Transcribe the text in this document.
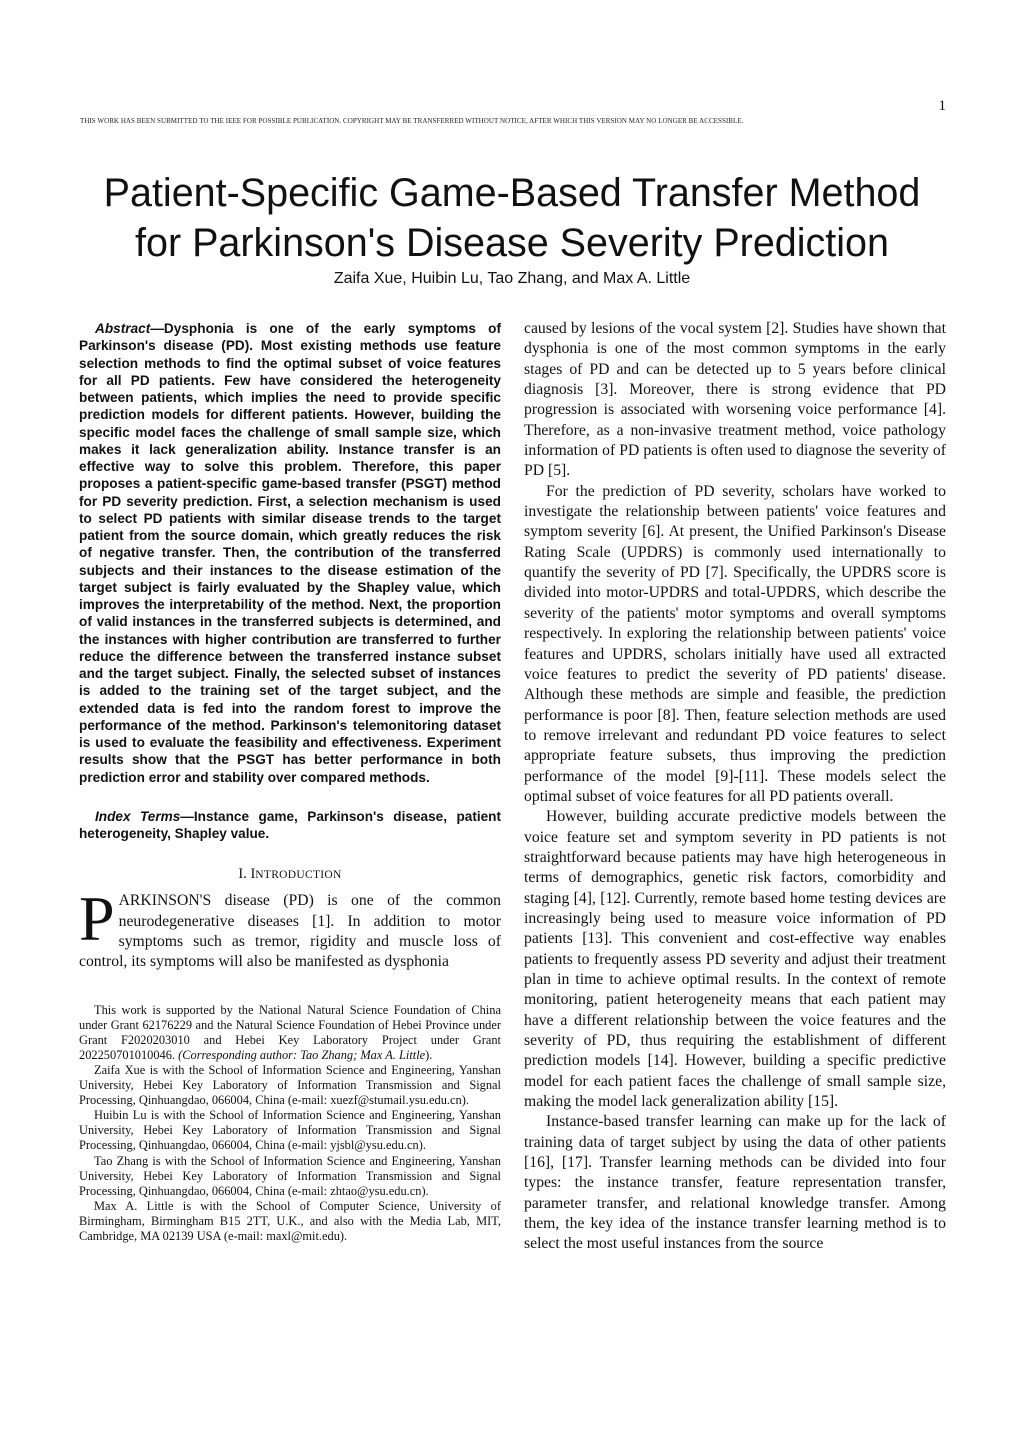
THIS WORK HAS BEEN SUBMITTED TO THE IEEE FOR POSSIBLE PUBLICATION. COPYRIGHT MAY BE TRANSFERRED WITHOUT NOTICE, AFTER WHICH THIS VERSION MAY NO LONGER BE ACCESSIBLE.
1
Patient-Specific Game-Based Transfer Method
for Parkinson's Disease Severity Prediction
Zaifa Xue, Huibin Lu, Tao Zhang, and Max A. Little

Abstract—Dysphonia is one of the early symptoms of Parkinson's disease (PD). Most existing methods use feature selection methods to find the optimal subset of voice features for all PD patients. Few have considered the heterogeneity between patients, which implies the need to provide specific prediction models for different patients. However, building the specific model faces the challenge of small sample size, which makes it lack generalization ability. Instance transfer is an effective way to solve this problem. Therefore, this paper proposes a patient-specific game-based transfer (PSGT) method for PD severity prediction. First, a selection mechanism is used to select PD patients with similar disease trends to the target patient from the source domain, which greatly reduces the risk of negative transfer. Then, the contribution of the transferred subjects and their instances to the disease estimation of the target subject is fairly evaluated by the Shapley value, which improves the interpretability of the method. Next, the proportion of valid instances in the transferred subjects is determined, and the instances with higher contribution are transferred to further reduce the difference between the transferred instance subset and the target subject. Finally, the selected subset of instances is added to the training set of the target subject, and the extended data is fed into the random forest to improve the performance of the method. Parkinson's telemonitoring dataset is used to evaluate the feasibility and effectiveness. Experiment results show that the PSGT has better performance in both prediction error and stability over compared methods.

Index Terms—Instance game, Parkinson's disease, patient heterogeneity, Shapley value.

I. INTRODUCTION

PARKINSON'S disease (PD) is one of the common neurodegenerative diseases [1]. In addition to motor symptoms such as tremor, rigidity and muscle loss of control, its symptoms will also be manifested as dysphonia

This work is supported by the National Natural Science Foundation of China under Grant 62176229 and the Natural Science Foundation of Hebei Province under Grant F2020203010 and Hebei Key Laboratory Project under Grant 202250701010046. (Corresponding author: Tao Zhang; Max A. Little).

Zaifa Xue is with the School of Information Science and Engineering, Yanshan University, Hebei Key Laboratory of Information Transmission and Signal Processing, Qinhuangdao, 066004, China (e-mail: xuezf@stumail.ysu.edu.cn).

Huibin Lu is with the School of Information Science and Engineering, Yanshan University, Hebei Key Laboratory of Information Transmission and Signal Processing, Qinhuangdao, 066004, China (e-mail: yjsbl@ysu.edu.cn).

Tao Zhang is with the School of Information Science and Engineering, Yanshan University, Hebei Key Laboratory of Information Transmission and Signal Processing, Qinhuangdao, 066004, China (e-mail: zhtao@ysu.edu.cn).

Max A. Little is with the School of Computer Science, University of Birmingham, Birmingham B15 2TT, U.K., and also with the Media Lab, MIT, Cambridge, MA 02139 USA (e-mail: maxl@mit.edu).

caused by lesions of the vocal system [2]. Studies have shown that dysphonia is one of the most common symptoms in the early stages of PD and can be detected up to 5 years before clinical diagnosis [3]. Moreover, there is strong evidence that PD progression is associated with worsening voice performance [4]. Therefore, as a non-invasive treatment method, voice pathology information of PD patients is often used to diagnose the severity of PD [5].

For the prediction of PD severity, scholars have worked to investigate the relationship between patients' voice features and symptom severity [6]. At present, the Unified Parkinson's Disease Rating Scale (UPDRS) is commonly used internationally to quantify the severity of PD [7]. Specifically, the UPDRS score is divided into motor-UPDRS and total-UPDRS, which describe the severity of the patients' motor symptoms and overall symptoms respectively. In exploring the relationship between patients' voice features and UPDRS, scholars initially have used all extracted voice features to predict the severity of PD patients' disease. Although these methods are simple and feasible, the prediction performance is poor [8]. Then, feature selection methods are used to remove irrelevant and redundant PD voice features to select appropriate feature subsets, thus improving the prediction performance of the model [9]-[11]. These models select the optimal subset of voice features for all PD patients overall.

However, building accurate predictive models between the voice feature set and symptom severity in PD patients is not straightforward because patients may have high heterogeneous in terms of demographics, genetic risk factors, comorbidity and staging [4], [12]. Currently, remote based home testing devices are increasingly being used to measure voice information of PD patients [13]. This convenient and cost-effective way enables patients to frequently assess PD severity and adjust their treatment plan in time to achieve optimal results. In the context of remote monitoring, patient heterogeneity means that each patient may have a different relationship between the voice features and the severity of PD, thus requiring the establishment of different prediction models [14]. However, building a specific predictive model for each patient faces the challenge of small sample size, making the model lack generalization ability [15].

Instance-based transfer learning can make up for the lack of training data of target subject by using the data of other patients [16], [17]. Transfer learning methods can be divided into four types: the instance transfer, feature representation transfer, parameter transfer, and relational knowledge transfer. Among them, the key idea of the instance transfer learning method is to select the most useful instances from the source
